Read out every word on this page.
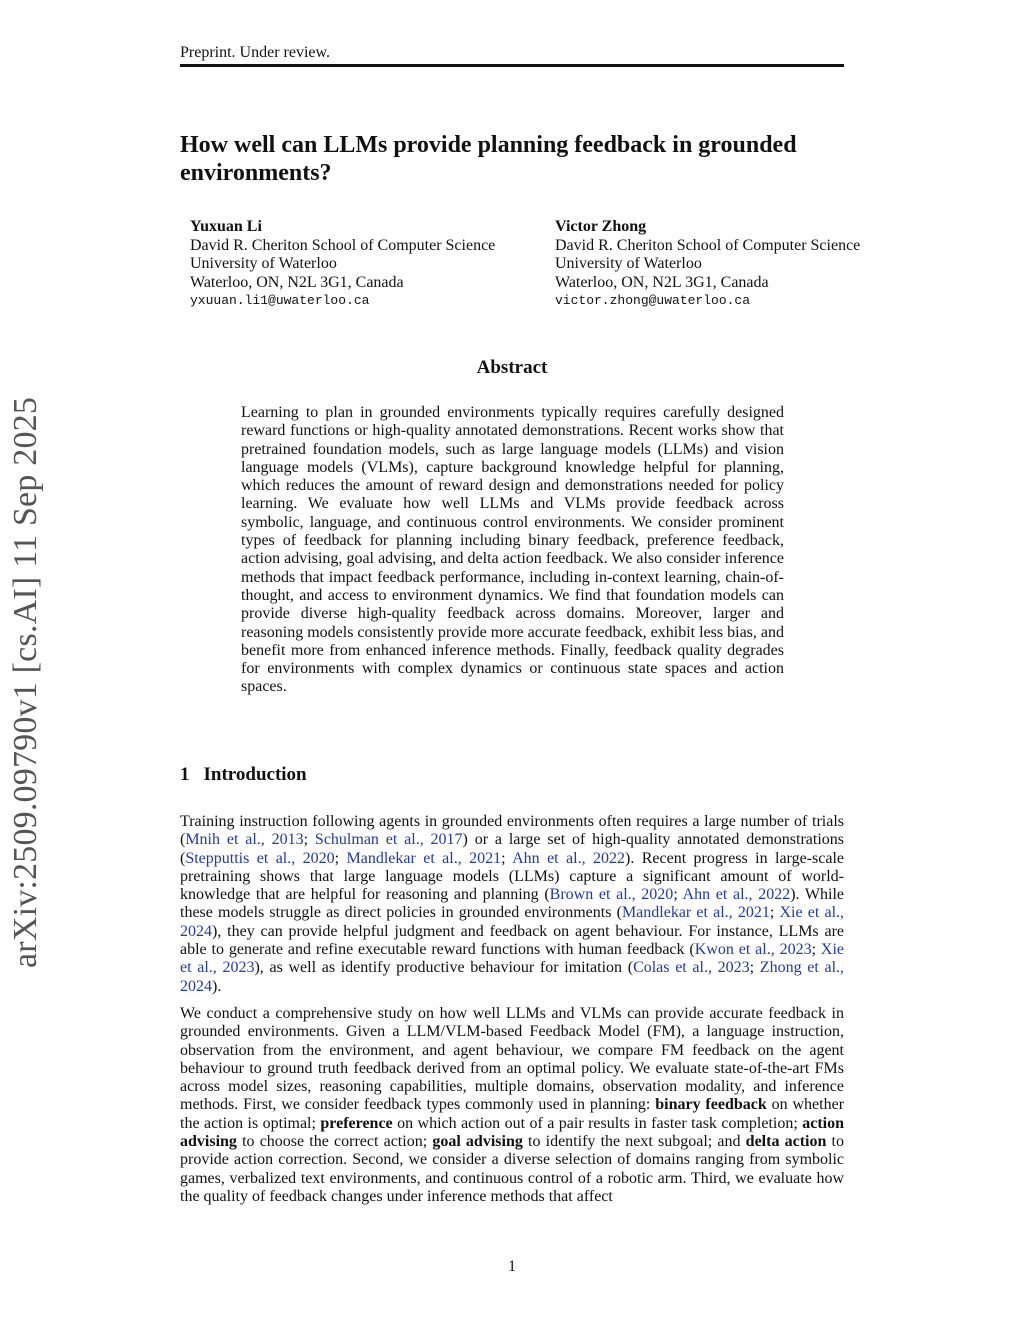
Preprint. Under review.
How well can LLMs provide planning feedback in grounded environments?
Yuxuan Li
David R. Cheriton School of Computer Science
University of Waterloo
Waterloo, ON, N2L 3G1, Canada
yxuuan.li1@uwaterloo.ca
Victor Zhong
David R. Cheriton School of Computer Science
University of Waterloo
Waterloo, ON, N2L 3G1, Canada
victor.zhong@uwaterloo.ca
Abstract
Learning to plan in grounded environments typically requires carefully designed reward functions or high-quality annotated demonstrations. Recent works show that pretrained foundation models, such as large language models (LLMs) and vision language models (VLMs), capture background knowledge helpful for planning, which reduces the amount of reward design and demonstrations needed for policy learning. We evaluate how well LLMs and VLMs provide feedback across symbolic, language, and continuous control environments. We consider prominent types of feedback for planning including binary feedback, preference feedback, action advising, goal advising, and delta action feedback. We also consider inference methods that impact feedback performance, including in-context learning, chain-of-thought, and access to environment dynamics. We find that foundation models can provide diverse high-quality feedback across domains. Moreover, larger and reasoning models consistently provide more accurate feedback, exhibit less bias, and benefit more from enhanced inference methods. Finally, feedback quality degrades for environments with complex dynamics or continuous state spaces and action spaces.
arXiv:2509.09790v1 [cs.AI] 11 Sep 2025	1 Introduction
Training instruction following agents in grounded environments often requires a large number of trials (Mnih et al., 2013; Schulman et al., 2017) or a large set of high-quality annotated demonstrations (Stepputtis et al., 2020; Mandlekar et al., 2021; Ahn et al., 2022). Recent progress in large-scale pretraining shows that large language models (LLMs) capture a significant amount of world-knowledge that are helpful for reasoning and planning (Brown et al., 2020; Ahn et al., 2022). While these models struggle as direct policies in grounded environments (Mandlekar et al., 2021; Xie et al., 2024), they can provide helpful judgment and feedback on agent behaviour. For instance, LLMs are able to generate and refine executable reward functions with human feedback (Kwon et al., 2023; Xie et al., 2023), as well as identify productive behaviour for imitation (Colas et al., 2023; Zhong et al., 2024).
We conduct a comprehensive study on how well LLMs and VLMs can provide accurate feedback in grounded environments. Given a LLM/VLM-based Feedback Model (FM), a language instruction, observation from the environment, and agent behaviour, we compare FM feedback on the agent behaviour to ground truth feedback derived from an optimal policy. We evaluate state-of-the-art FMs across model sizes, reasoning capabilities, multiple domains, observation modality, and inference methods. First, we consider feedback types commonly used in planning: binary feedback on whether the action is optimal; preference on which action out of a pair results in faster task completion; action advising to choose the correct action; goal advising to identify the next subgoal; and delta action to provide action correction. Second, we consider a diverse selection of domains ranging from symbolic games, verbalized text environments, and continuous control of a robotic arm. Third, we evaluate how the quality of feedback changes under inference methods that affect
1
